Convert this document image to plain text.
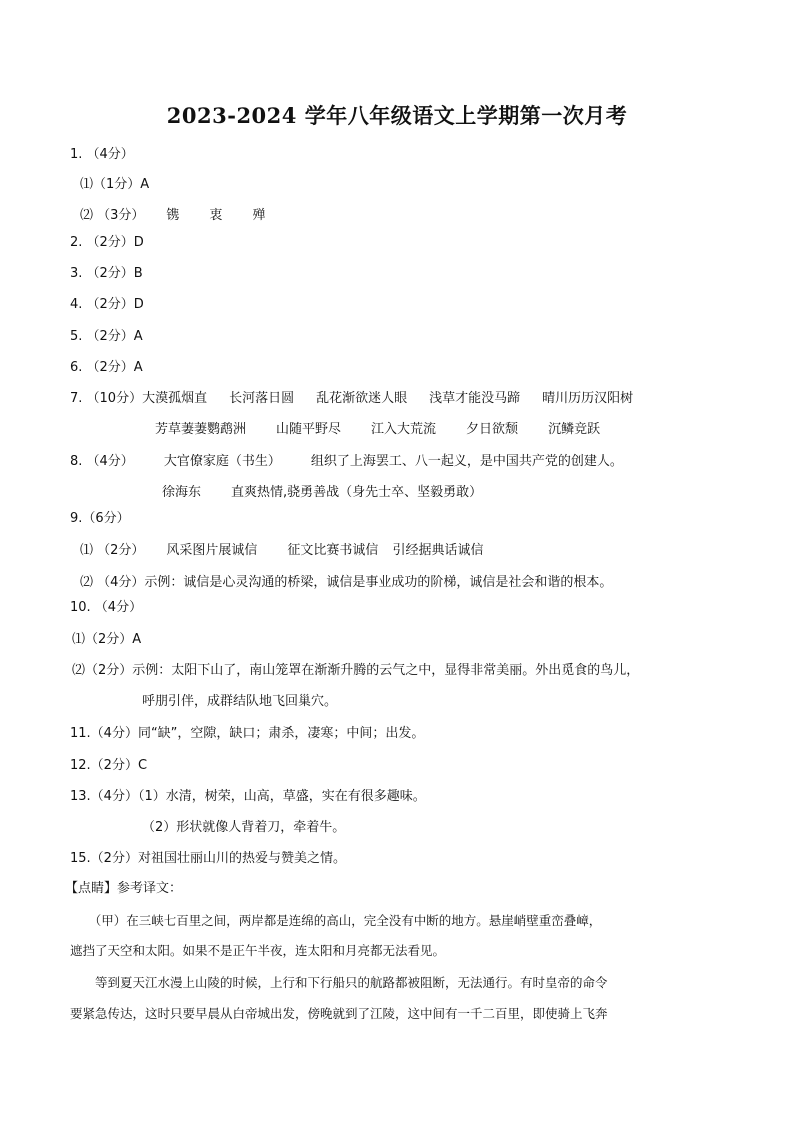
2023-2024 学年八年级语文上学期第一次月考
1. （4分）
⑴（1分）A
⑵ （3分） 镌 衷 殚
2. （2分）D
3. （2分）B
4. （2分）D
5. （2分）A
6. （2分）A
7. （10分）大漠孤烟直 长河落日圆 乱花渐欲迷人眼 浅草才能没马蹄 晴川历历汉阳树
芳草萋萋鹦鹉洲 山随平野尽 江入大荒流 夕日欲颓 沉鳞竞跃
8. （4分） 大官僚家庭（书生） 组织了上海罢工、八一起义，是中国共产党的创建人。
徐海东 直爽热情,骁勇善战（身先士卒、坚毅勇敢）
9.（6分）
⑴ （2分） 风采图片展诚信 征文比赛书诚信 引经据典话诚信
⑵ （4分）示例：诚信是心灵沟通的桥梁，诚信是事业成功的阶梯，诚信是社会和谐的根本。
10. （4分）
⑴（2分）A
⑵（2分）示例：太阳下山了，南山笼罩在渐渐升腾的云气之中，显得非常美丽。外出觅食的鸟儿，
呼朋引伴，成群结队地飞回巢穴。
11.（4分）同“缺”，空隙，缺口；肃杀，凄寒；中间；出发。
12.（2分）C
13.（4分）（1）水清，树荣，山高，草盛，实在有很多趣味。
（2）形状就像人背着刀，牵着牛。
15.（2分）对祖国壮丽山川的热爱与赞美之情。
【点睛】参考译文：
　　（甲）在三峡七百里之间，两岸都是连绵的高山，完全没有中断的地方。悬崖峭壁重峦叠嶂，
遮挡了天空和太阳。如果不是正午半夜，连太阳和月亮都无法看见。
　　等到夏天江水漫上山陵的时候，上行和下行船只的航路都被阻断，无法通行。有时皇帝的命令
要紧急传达，这时只要早晨从白帝城出发，傍晚就到了江陵，这中间有一千二百里，即使骑上飞奔
